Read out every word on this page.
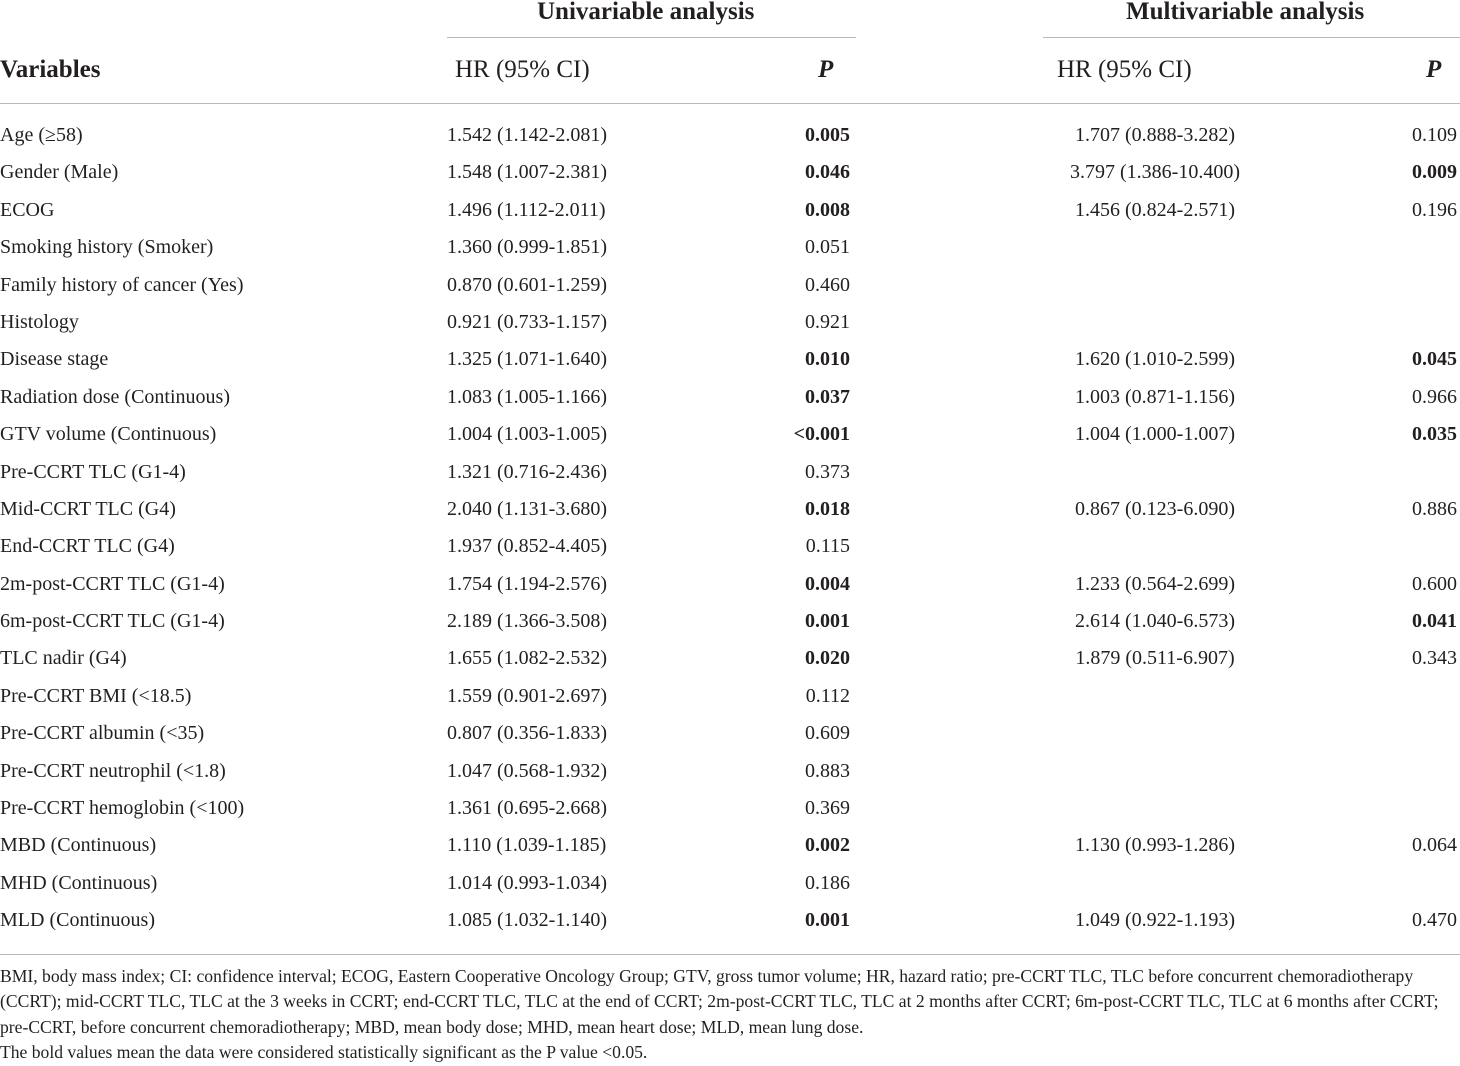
Univariable analysis	Multivariable analysis
Variables	HR (95% CI)	P	HR (95% CI)	P
Age (≥58)	1.542 (1.142-2.081)	0.005	1.707 (0.888-3.282)	0.109
Gender (Male)	1.548 (1.007-2.381)	0.046	3.797 (1.386-10.400)	0.009
ECOG	1.496 (1.112-2.011)	0.008	1.456 (0.824-2.571)	0.196
Smoking history (Smoker)	1.360 (0.999-1.851)	0.051
Family history of cancer (Yes)	0.870 (0.601-1.259)	0.460
Histology	0.921 (0.733-1.157)	0.921
Disease stage	1.325 (1.071-1.640)	0.010	1.620 (1.010-2.599)	0.045
Radiation dose (Continuous)	1.083 (1.005-1.166)	0.037	1.003 (0.871-1.156)	0.966
GTV volume (Continuous)	1.004 (1.003-1.005)	<0.001	1.004 (1.000-1.007)	0.035
Pre-CCRT TLC (G1-4)	1.321 (0.716-2.436)	0.373
Mid-CCRT TLC (G4)	2.040 (1.131-3.680)	0.018	0.867 (0.123-6.090)	0.886
End-CCRT TLC (G4)	1.937 (0.852-4.405)	0.115
2m-post-CCRT TLC (G1-4)	1.754 (1.194-2.576)	0.004	1.233 (0.564-2.699)	0.600
6m-post-CCRT TLC (G1-4)	2.189 (1.366-3.508)	0.001	2.614 (1.040-6.573)	0.041
TLC nadir (G4)	1.655 (1.082-2.532)	0.020	1.879 (0.511-6.907)	0.343
Pre-CCRT BMI (<18.5)	1.559 (0.901-2.697)	0.112
Pre-CCRT albumin (<35)	0.807 (0.356-1.833)	0.609
Pre-CCRT neutrophil (<1.8)	1.047 (0.568-1.932)	0.883
Pre-CCRT hemoglobin (<100)	1.361 (0.695-2.668)	0.369
MBD (Continuous)	1.110 (1.039-1.185)	0.002	1.130 (0.993-1.286)	0.064
MHD (Continuous)	1.014 (0.993-1.034)	0.186
MLD (Continuous)	1.085 (1.032-1.140)	0.001	1.049 (0.922-1.193)	0.470

BMI, body mass index; CI: confidence interval; ECOG, Eastern Cooperative Oncology Group; GTV, gross tumor volume; HR, hazard ratio; pre-CCRT TLC, TLC before concurrent chemoradiotherapy (CCRT); mid-CCRT TLC, TLC at the 3 weeks in CCRT; end-CCRT TLC, TLC at the end of CCRT; 2m-post-CCRT TLC, TLC at 2 months after CCRT; 6m-post-CCRT TLC, TLC at 6 months after CCRT; pre-CCRT, before concurrent chemoradiotherapy; MBD, mean body dose; MHD, mean heart dose; MLD, mean lung dose.

The bold values mean the data were considered statistically significant as the P value <0.05.
